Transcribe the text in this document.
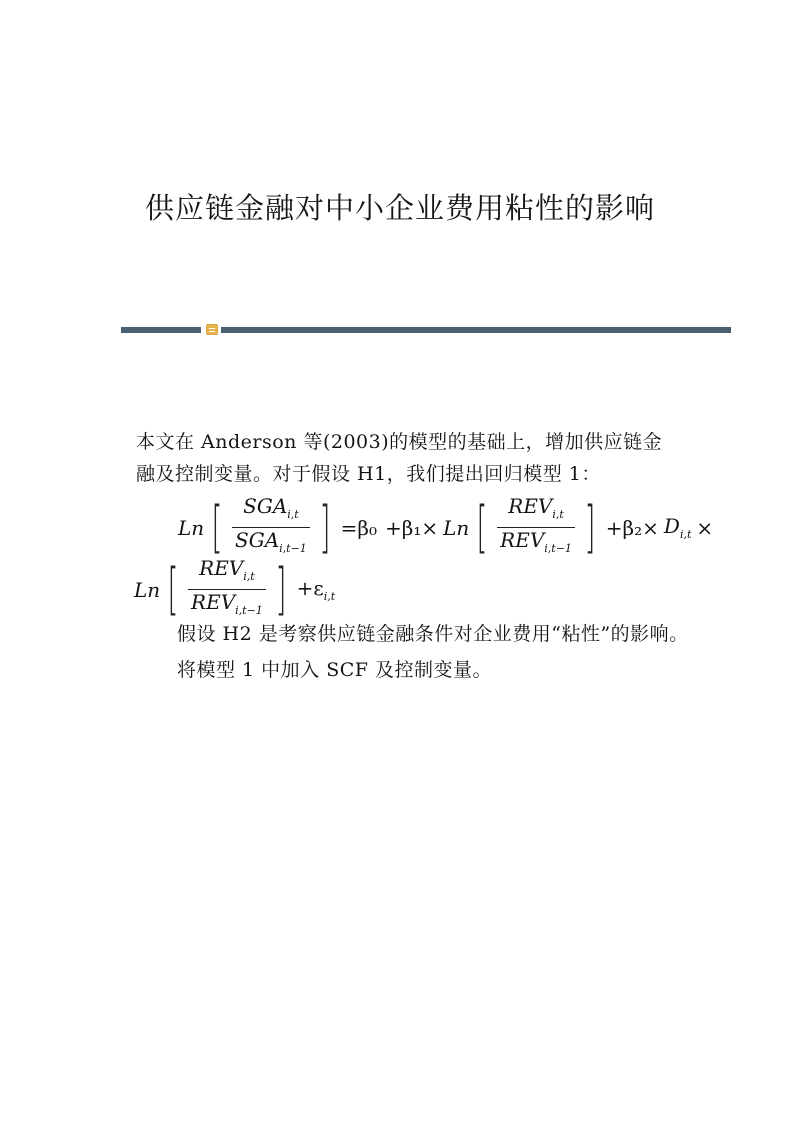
供应链金融对中小企业费用粘性的影响
本文在 Anderson 等(2003)的模型的基础上，增加供应链金
融及控制变量。对于假设 H1，我们提出回归模型 1：
Ln [ $\frac{SGA_{i,t}}{SGA_{i,t-1}}$ ] =β₀ +β₁× Ln [ $\frac{REV_{i,t}}{REV_{i,t-1}}$ ] $+\beta_2\times D_{i,t}$ ×
Ln [ $\frac{REV_{i,t}}{REV_{i,t-1}}$ ] $+\varepsilon_{i,t}$
假设 H2 是考察供应链金融条件对企业费用“粘性”的影响。
将模型 1 中加入 SCF 及控制变量。
